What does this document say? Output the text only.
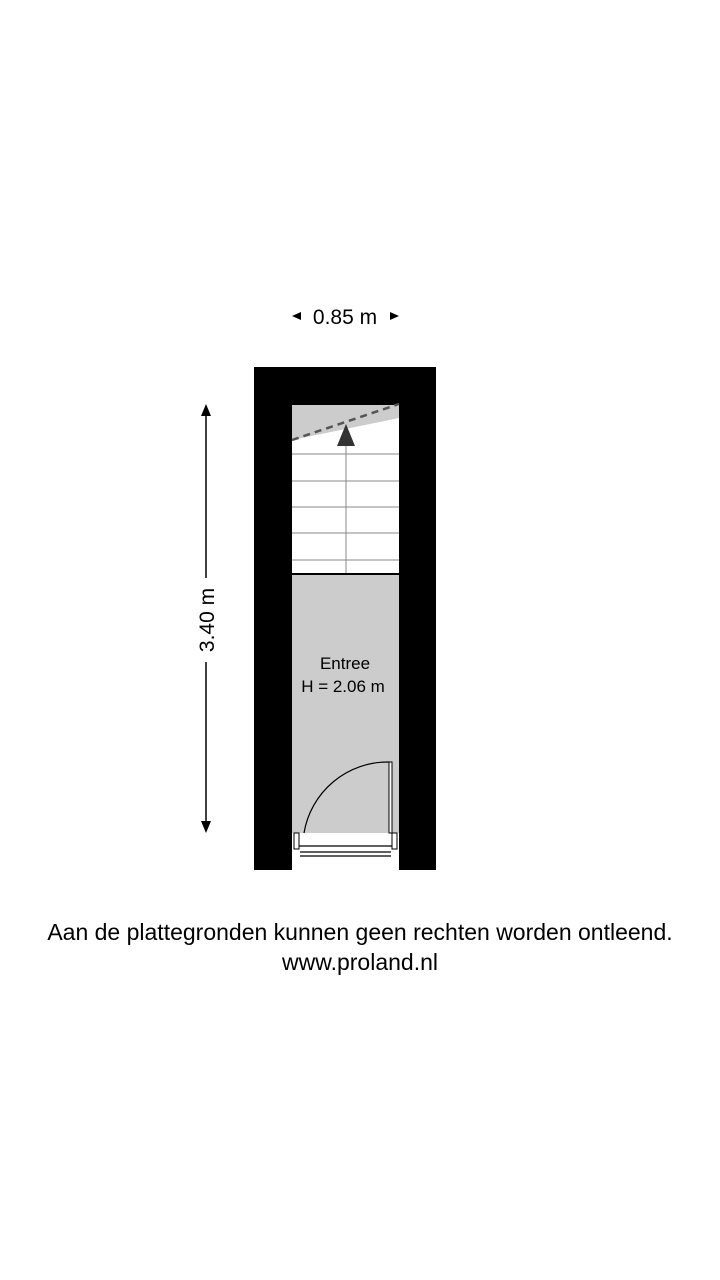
Entree
H = 2.06 m
0.85 m
3.40 m
Aan de plattegronden kunnen geen rechten worden ontleend.
www.proland.nl
